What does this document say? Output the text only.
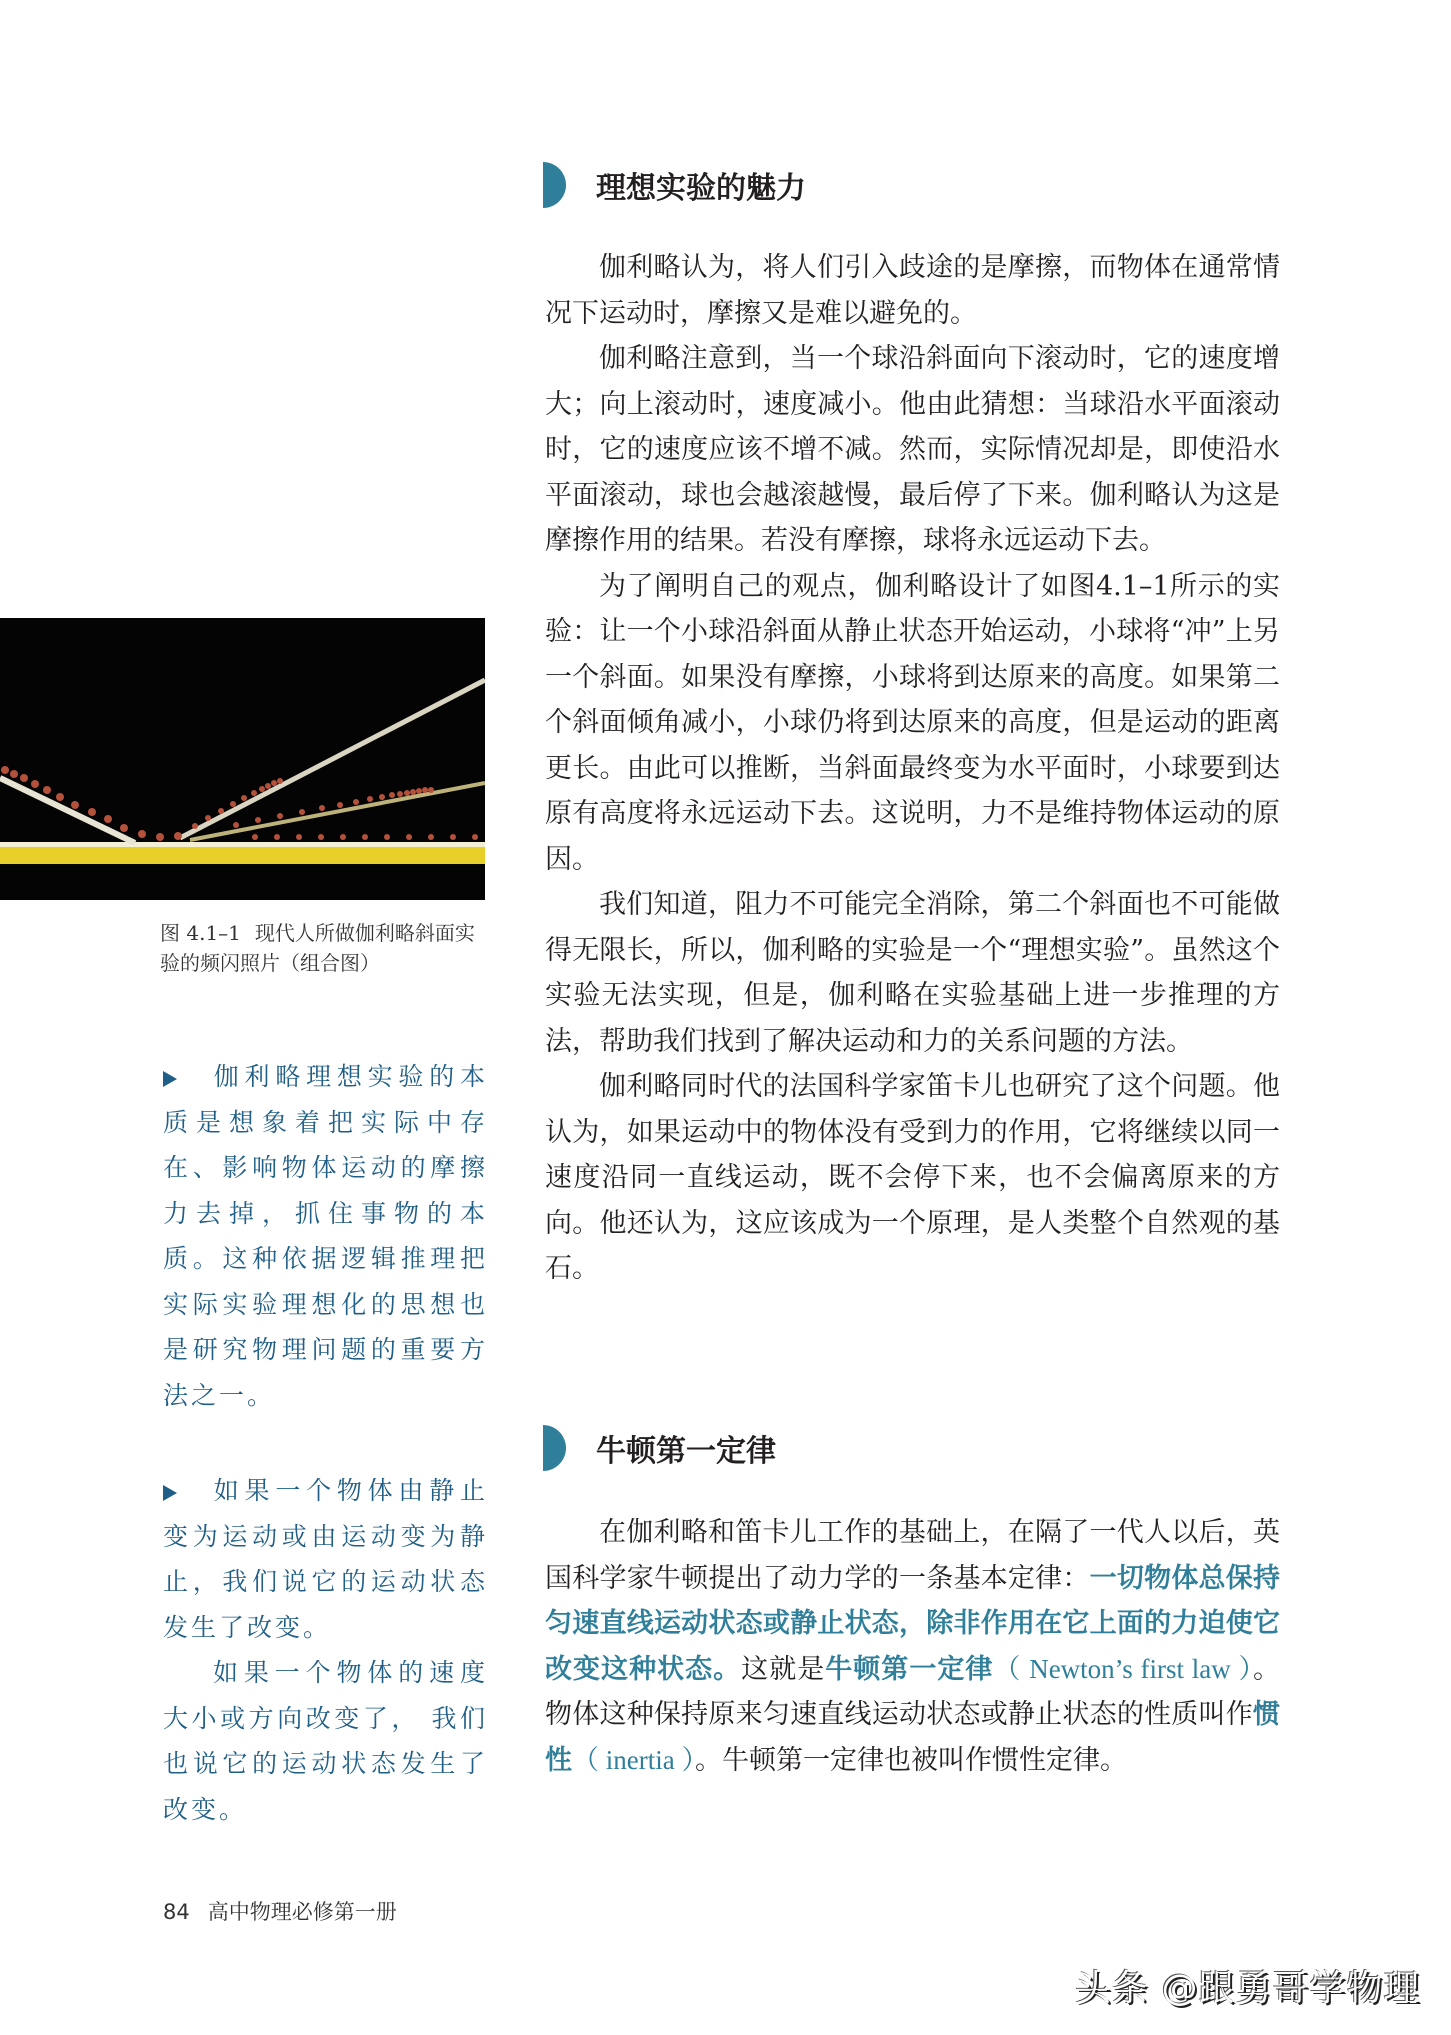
理想实验的魅力

伽利略认为，将人们引入歧途的是摩擦，而物体在通常情况下运动时，摩擦又是难以避免的。

伽利略注意到，当一个球沿斜面向下滚动时，它的速度增大；向上滚动时，速度减小。他由此猜想：当球沿水平面滚动时，它的速度应该不增不减。然而，实际情况却是，即使沿水平面滚动，球也会越滚越慢，最后停了下来。伽利略认为这是摩擦作用的结果。若没有摩擦，球将永远运动下去。

为了阐明自己的观点，伽利略设计了如图4.1–1所示的实验：让一个小球沿斜面从静止状态开始运动，小球将“冲”上另一个斜面。如果没有摩擦，小球将到达原来的高度。如果第二个斜面倾角减小，小球仍将到达原来的高度，但是运动的距离更长。由此可以推断，当斜面最终变为水平面时，小球要到达原有高度将永远运动下去。这说明，力不是维持物体运动的原因。

我们知道，阻力不可能完全消除，第二个斜面也不可能做得无限长，所以，伽利略的实验是一个“理想实验”。虽然这个实验无法实现，但是，伽利略在实验基础上进一步推理的方法，帮助我们找到了解决运动和力的关系问题的方法。

伽利略同时代的法国科学家笛卡儿也研究了这个问题。他认为，如果运动中的物体没有受到力的作用，它将继续以同一速度沿同一直线运动，既不会停下来，也不会偏离原来的方向。他还认为，这应该成为一个原理，是人类整个自然观的基石。

图 4.1–1 现代人所做伽利略斜面实验的频闪照片（组合图）

伽利略理想实验的本质是想象着把实际中存在、影响物体运动的摩擦力去掉，抓住事物的本质。这种依据逻辑推理把实际实验理想化的思想也是研究物理问题的重要方法之一。

牛顿第一定律

在伽利略和笛卡儿工作的基础上，在隔了一代人以后，英国科学家牛顿提出了动力学的一条基本定律：一切物体总保持匀速直线运动状态或静止状态，除非作用在它上面的力迫使它改变这种状态。这就是牛顿第一定律（ Newton’s first law ）。物体这种保持原来匀速直线运动状态或静止状态的性质叫作惯性（ inertia ）。牛顿第一定律也被叫作惯性定律。

如果一个物体由静止变为运动或由运动变为静止，我们说它的运动状态发生了改变。

如果一个物体的速度大小或方向改变了， 我们也说它的运动状态发生了改变。

84 高中物理必修第一册
头条 @跟勇哥学物理
